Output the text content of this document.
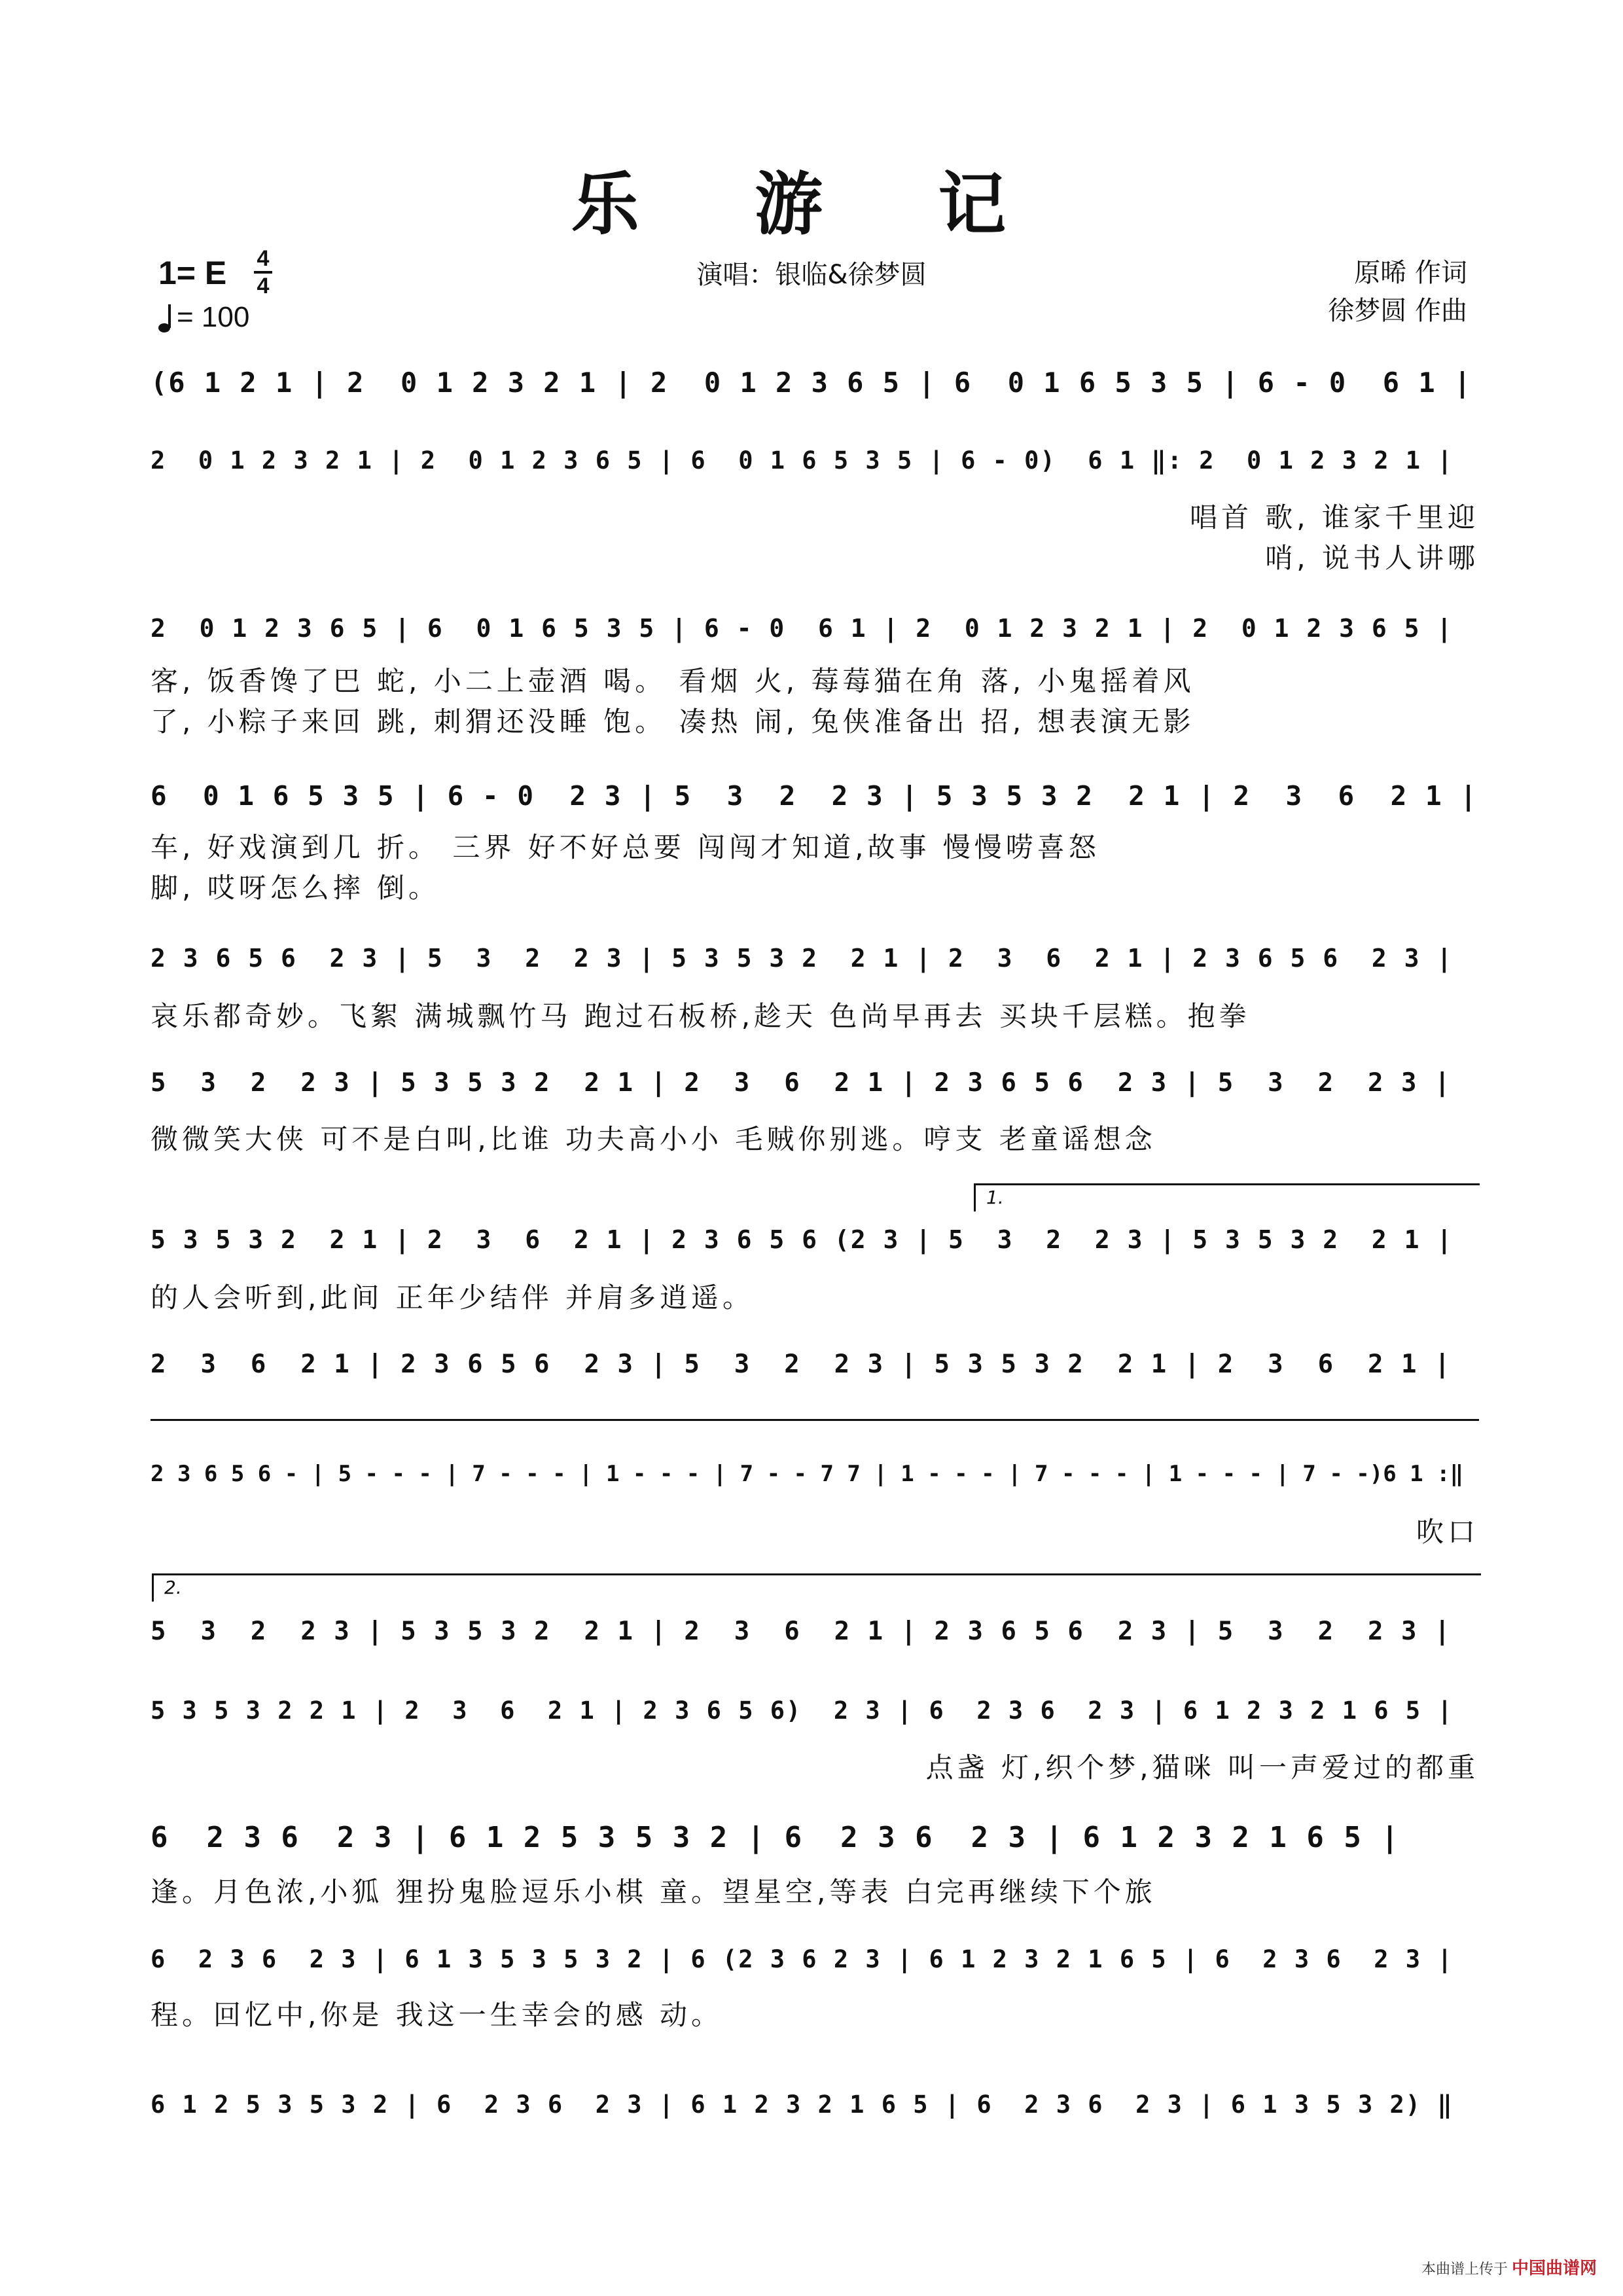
乐 游 记
1= E 4
4
= 100
演唱：银临&徐梦圆	原晞 作词
徐梦圆 作曲
(6 1 2 1 | 2  0 1 2 3 2 1 | 2  0 1 2 3 6 5 | 6  0 1 6 5 3 5 | 6 - 0  6 1 |
2  0 1 2 3 2 1 | 2  0 1 2 3 6 5 | 6  0 1 6 5 3 5 | 6 - 0)  6 1 ‖: 2  0 1 2 3 2 1 |
唱首 歌, 谁家千里迎
哨, 说书人讲哪
2  0 1 2 3 6 5 | 6  0 1 6 5 3 5 | 6 - 0  6 1 | 2  0 1 2 3 2 1 | 2  0 1 2 3 6 5 |
客, 饭香馋了巴 蛇, 小二上壶酒 喝。 看烟 火, 莓莓猫在角 落, 小鬼摇着风
了, 小粽子来回 跳, 刺猬还没睡 饱。 凑热 闹, 兔侠准备出 招, 想表演无影
6  0 1 6 5 3 5 | 6 - 0  2 3 | 5  3  2  2 3 | 5 3 5 3 2  2 1 | 2  3  6  2 1 |
车, 好戏演到几 折。 三界 好不好总要 闯闯才知道,故事 慢慢唠喜怒
脚, 哎呀怎么摔 倒。
2 3 6 5 6  2 3 | 5  3  2  2 3 | 5 3 5 3 2  2 1 | 2  3  6  2 1 | 2 3 6 5 6  2 3 |
哀乐都奇妙。飞絮 满城飘竹马 跑过石板桥,趁天 色尚早再去 买块千层糕。抱拳
5  3  2  2 3 | 5 3 5 3 2  2 1 | 2  3  6  2 1 | 2 3 6 5 6  2 3 | 5  3  2  2 3 |
微微笑大侠 可不是白叫,比谁 功夫高小小 毛贼你别逃。哼支 老童谣想念
1.
5 3 5 3 2  2 1 | 2  3  6  2 1 | 2 3 6 5 6 (2 3 | 5  3  2  2 3 | 5 3 5 3 2  2 1 |
的人会听到,此间 正年少结伴 并肩多逍遥。
2  3  6  2 1 | 2 3 6 5 6  2 3 | 5  3  2  2 3 | 5 3 5 3 2  2 1 | 2  3  6  2 1 |
2 3 6 5 6 - | 5 - - - | 7 - - - | 1 - - - | 7 - - 7 7 | 1 - - - | 7 - - - | 1 - - - | 7 - -)6 1 :‖
吹口
2.
5  3  2  2 3 | 5 3 5 3 2  2 1 | 2  3  6  2 1 | 2 3 6 5 6  2 3 | 5  3  2  2 3 |
5 3 5 3 2 2 1 | 2  3  6  2 1 | 2 3 6 5 6)  2 3 | 6  2 3 6  2 3 | 6 1 2 3 2 1 6 5 |
点盏 灯,织个梦,猫咪 叫一声爱过的都重
6  2 3 6  2 3 | 6 1 2 5 3 5 3 2 | 6  2 3 6  2 3 | 6 1 2 3 2 1 6 5 |
逢。月色浓,小狐 狸扮鬼脸逗乐小棋 童。望星空,等表 白完再继续下个旅
6  2 3 6  2 3 | 6 1 3 5 3 5 3 2 | 6 (2 3 6 2 3 | 6 1 2 3 2 1 6 5 | 6  2 3 6  2 3 |
程。回忆中,你是 我这一生幸会的感 动。
6 1 2 5 3 5 3 2 | 6  2 3 6  2 3 | 6 1 2 3 2 1 6 5 | 6  2 3 6  2 3 | 6 1 3 5 3 2) ‖
本曲谱上传于 中国曲谱网
